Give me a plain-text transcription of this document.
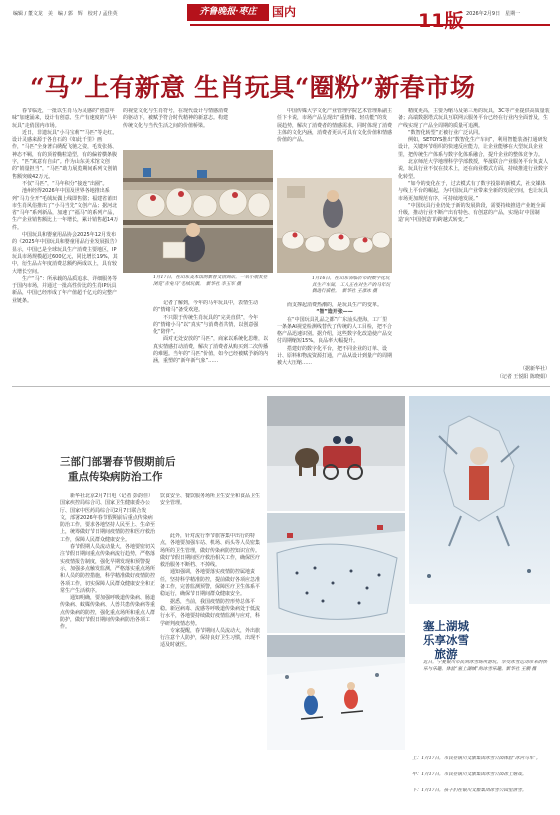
编辑 / 董文龙　美　编 / 郭　辉　校对 / 孟佳英	齐鲁晚报·枣庄	国内	11版 2026年2月9日　星期一
“马”上有新意 生肖玩具“圈粉”新春市场

春节临近，一批以生肖马为灵感的“创意年味”加速涌来，设计有创意、生产有速度的“马年玩具”走俏国内市场。

近日，非遗玩具“小马宝莉”“马匹”等走红。设计灵感来源于各自石的《如此千里》画作，“马匹”全身著白绣配飞驰之姿，毛发张扬、神态不羁，有的顶着椭粒造型，有的偏着横条腹字，“匹”寓意有自由”。作为山东美术馆文创的“销量担当”，“马匹”助力展览期间系列文创销售额突破42万元。

不仅“马匹”，“马年积分”接连“出圈”。

池州经得2026年中国及世界各地推出系列“马力全开”毛绒玩偶上线即售罄；福建省莆田市生肖风俗推出了“小马当先”文创产品；据河北省“马年”系列新品，加速了“福马”的系列产品，生产企业销售额比上一年增长，累计销售超14万件。

中国玩具和婴童用品协会2025年12月发布的《2025年中国玩具和婴童用品行业发展报告》显示，中国已是全球玩具生产消费主要地区，IP玩具市场规模超过600亿元，同比增长19%，其中，衍生品占年度消费总额约两成以上，具有较大增长空间。

生产“马”：所承载的品质追求、详细服务等于国内市场，并通过一批高性价比的生肖IP玩具新品，中国已经形成了年产值超千亿元的完整产业链条。

的视觉文化与生肖符号，在现代设计与情感消费的驱动下，被赋予符合时代精神的新意志。构建传统文化与当代生活之间的价值桥梁。

1月17日，在山东美术馆的新春文创商店，一名小朋友在浏览“赤兔马”毛绒玩偶。　新华社 李玉军 摄
1月16日，在山东省临沂市的数字化玩具生产车间，工人正在对生产的马年玩偶进行质检。　新华社 王彦冰 摄

记者了解到，今年的马年玩具中，表情生动的“情绪马”备受欢迎。

不只限于传统生肖玩具的“完美直供”，今年的“情绪小马”以“真实”与消费者共情，以创意强化“陪伴”。

面对无处安放的“马匹”，商家以系统化思维，以真实情感打动消费，解决了消费者从购买到二次传播的难题。当年的“马匹”价值，如今已经被赋予新的内涵，重塑的“新年新气象”……

中国传媒大学文化产业管理学院艺术管理系副主任卞卡说，市场产品呈现出“重情绪、轻功能”的发展趋势，解决了消费者的情感需求，同时体现了消费主体的文化内涵，消费者更认可具有文化价值和情感价值的产品。

而支撑起消费热潮的，是玩具生产的变革。

“智”造开张——

在“中国玩具礼品之都”广东汕头澄海，工厂里一条条AI视觉检测线替代了传统的人工目检，把不合格产品迅速识别。据介绍，这些数字化改造使产品交付周期缩短15%，良品率大幅提升。

搭建好的数字化平台，把不同企业的订单、设计、原料和物流资源打通，产品从设计到量产的周期被大大压缩……

精度更高，主要为缩马及第三角的玩具，3C等产业提供高质量装备；高端数据塔式玩具互联网云服务平台已经在行业内全面普及，生产线实现了产品全周期的质量可追溯。

“数智化转型”正被行业广泛认同。

例如，SETOYS推出“数智化生产车间”，利用智能装备打通研发设计，关键环节组织的快速反应能力，让企业能够在大型玩具企业里，把传统生产体系与数字化体系融合，提升企业的整体竞争力。

北京师范大学地理科学学部教授，华晟联合产业服务平台负责人说，玩具行业不仅在技术上，还在商业模式方面，持续推进行业数字化转型。

“如今的变化在于，过去模式有了数字投影的新模式，社交媒体与线上平台的崛起，为中国玩具产业带来全新的发展空间，也让玩具市场更加规范有序，可持续地发展。”

“中国玩具行业仍处于新的发展阶段，需要持续推进产业链全面升级，推动行业不断产出有特色、有创意的产品，实现由‘中国制造’向‘中国创造’的跨越式转变。”

（据新华社）
（记者 王悦阳 陈晓娟）
三部门部署春节假期前后
重点传染病防治工作

新华社北京2月7日电（记者 彭韵佳）国家疾控局综合司、国家卫生健康委办公厅、国家中医药局综合司2月7日联合发文，部署2026年春节假期前后重点传染病防治工作，要求各地坚持人民至上、生命至上，统筹做好节日期间疫情防控和医疗救治工作，保障人民群众健康安全。

春节假期人员流动量大，各地要密切关注节假日期间重点传染病流行趋势，严格落实疫情报告制度，强化早期发现和预警提示，加强多点触发监测，严格落实重点场所和人员的防控措施，科学精准做好疫情防控各项工作，切实保障人民群众健康安全和正常生产生活秩序。

通知明确，要加强呼吸道传染病、肠道传染病、蚊媒传染病、人兽共患传染病等重点传染病的防控，强化重点场所和重点人群防护，做好节假日期间传染病防治各项工作。

饮食安全、餐饮服务场所卫生安全和食品卫生安全管理。

此外，针对流行季节旅客集中出行的特点，各地要加强车站、机场、码头等人员密集场所的卫生管理，做好传染病防控知识宣传。做好节假日期间医疗救治相关工作，确保医疗救治服务不断档、不掉线。

通知强调，各地要落实疫情防控属地责任，坚持科学精准防控，提前做好各项应急准备工作，完善监测预警，保障医疗卫生体系平稳运行，确保节日期间群众健康安全。

据悉，当前，我国疫情防控形势总体平稳。新冠病毒、流感等呼吸道传染病处于低流行水平，各地要持续做好疫情监测与应对，科学研判疫情态势。

专家提醒，春节期间人员流动大，外出旅行注意个人防护，保持良好卫生习惯，出现不适及时就医。

塞上湖城乐享冰雪旅游
近日，宁夏银川市民到冰雪场所游玩，享受冰雪运动带来的快乐与乐趣，体验“塞上湖城”的冰雪乐趣。新华社 王鹏 摄
上：1月17日，市民在银川文旅集团冰雪公园体验“冰河马车”。
中：1月17日，市民在银川文旅集团冰雪公园冰上嬉戏。
下：1月17日，孩子们在银川文旅集团冰雪公园里滑雪。
